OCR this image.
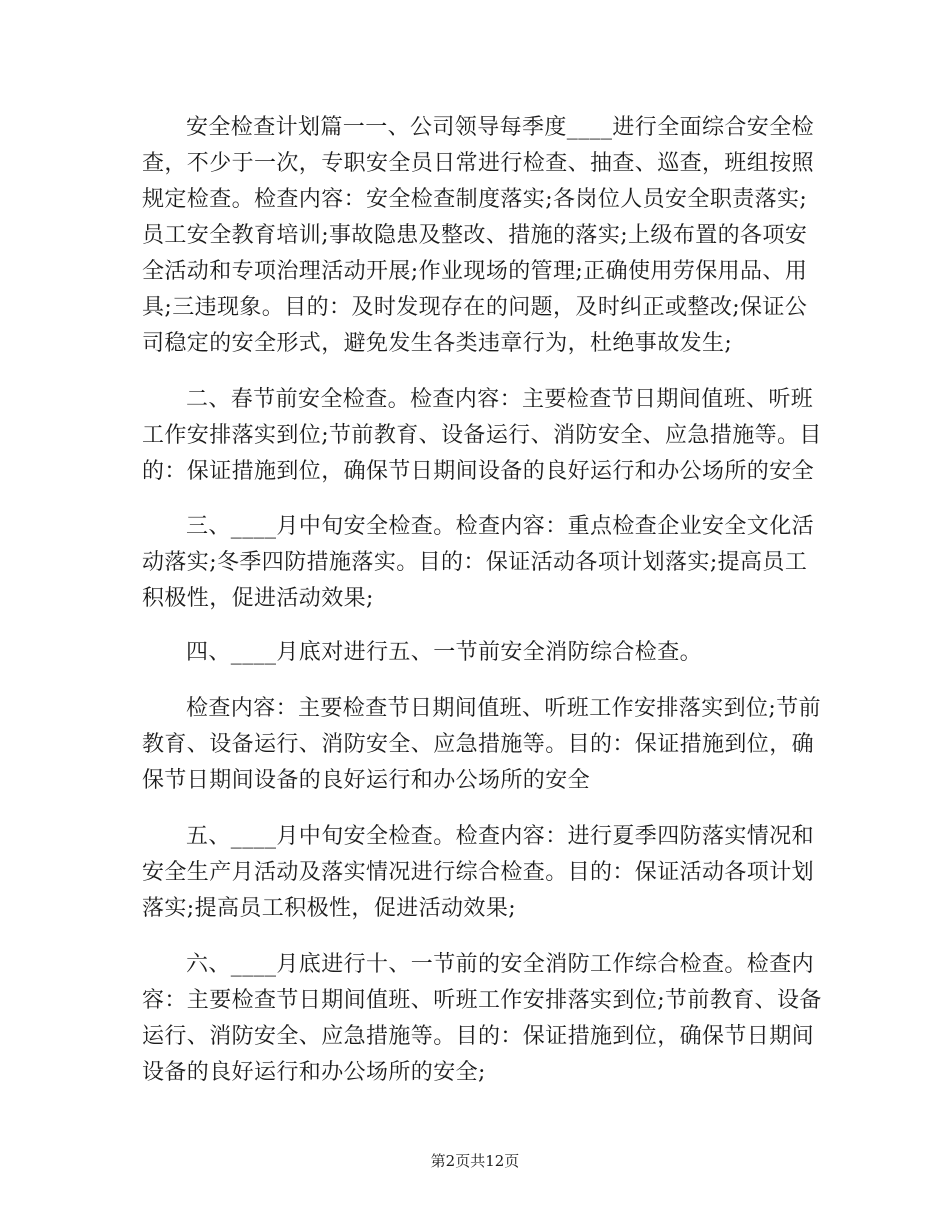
安全检查计划篇一一、公司领导每季度____进行全面综合安全检
查，不少于一次，专职安全员日常进行检查、抽查、巡查，班组按照
规定检查。检查内容：安全检查制度落实;各岗位人员安全职责落实;
员工安全教育培训;事故隐患及整改、措施的落实;上级布置的各项安
全活动和专项治理活动开展;作业现场的管理;正确使用劳保用品、用
具;三违现象。目的：及时发现存在的问题，及时纠正或整改;保证公
司稳定的安全形式，避免发生各类违章行为，杜绝事故发生;
二、春节前安全检查。检查内容：主要检查节日期间值班、听班
工作安排落实到位;节前教育、设备运行、消防安全、应急措施等。目
的：保证措施到位，确保节日期间设备的良好运行和办公场所的安全
三、____月中旬安全检查。检查内容：重点检查企业安全文化活
动落实;冬季四防措施落实。目的：保证活动各项计划落实;提高员工
积极性，促进活动效果;
四、____月底对进行五、一节前安全消防综合检查。
检查内容：主要检查节日期间值班、听班工作安排落实到位;节前
教育、设备运行、消防安全、应急措施等。目的：保证措施到位，确
保节日期间设备的良好运行和办公场所的安全
五、____月中旬安全检查。检查内容：进行夏季四防落实情况和
安全生产月活动及落实情况进行综合检查。目的：保证活动各项计划
落实;提高员工积极性，促进活动效果;
六、____月底进行十、一节前的安全消防工作综合检查。检查内
容：主要检查节日期间值班、听班工作安排落实到位;节前教育、设备
运行、消防安全、应急措施等。目的：保证措施到位，确保节日期间
设备的良好运行和办公场所的安全;
第2页共12页
